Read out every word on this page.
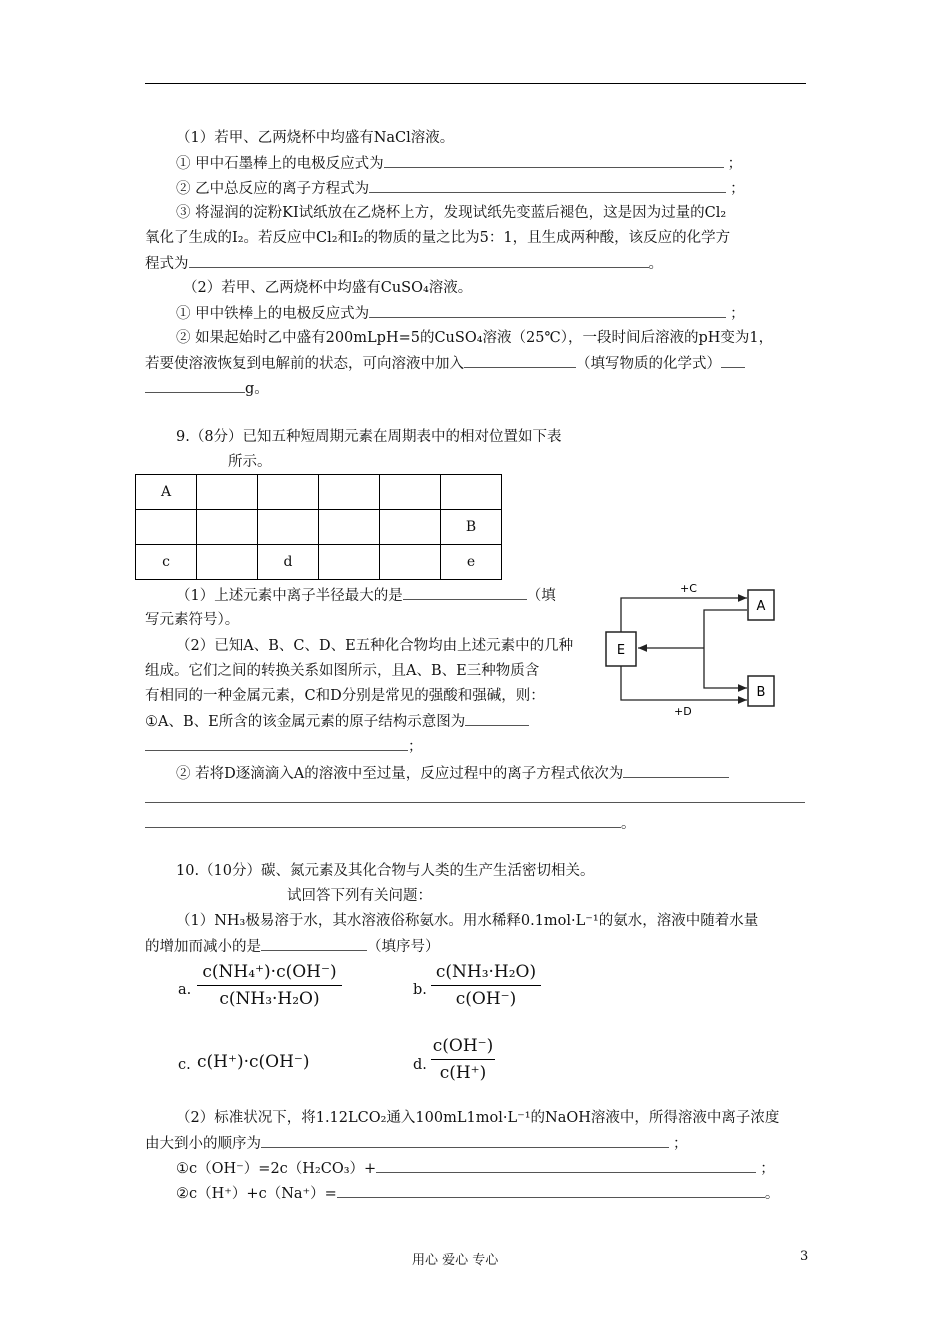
（1）若甲、乙两烧杯中均盛有NaCl溶液。
① 甲中石墨棒上的电极反应式为	；
② 乙中总反应的离子方程式为	；
③ 将湿润的淀粉KI试纸放在乙烧杯上方，发现试纸先变蓝后褪色，这是因为过量的Cl₂
氧化了生成的I₂。若反应中Cl₂和I₂的物质的量之比为5：1，且生成两种酸，该反应的化学方
程式为	。
（2）若甲、乙两烧杯中均盛有CuSO₄溶液。
① 甲中铁棒上的电极反应式为	；
② 如果起始时乙中盛有200mLpH=5的CuSO₄溶液（25℃），一段时间后溶液的pH变为1，
若要使溶液恢复到电解前的状态，可向溶液中加入	（填写物质的化学式）
g。
9.（8分）已知五种短周期元素在周期表中的相对位置如下表
所示。
A					
					B
c		d			e
（1）上述元素中离子半径最大的是	（填
写元素符号）。
（2）已知A、B、C、D、E五种化合物均由上述元素中的几种
组成。它们之间的转换关系如图所示，且A、B、E三种物质含
有相同的一种金属元素，C和D分别是常见的强酸和强碱，则：
①A、B、E所含的该金属元素的原子结构示意图为
；
② 若将D逐滴滴入A的溶液中至过量，反应过程中的离子方程式依次为
。
E
A
B
+C
+D
10.（10分）碳、氮元素及其化合物与人类的生产生活密切相关。
试回答下列有关问题：
（1）NH₃极易溶于水，其水溶液俗称氨水。用水稀释0.1mol·L⁻¹的氨水，溶液中随着水量
的增加而减小的是	（填序号）
a.
c(NH₄⁺)·c(OH⁻)
c(NH₃·H₂O)	b.
c(NH₃·H₂O)
c(OH⁻)
c. c(H⁺)·c(OH⁻)	d.
c(OH⁻)
c(H⁺)
（2）标准状况下，将1.12LCO₂通入100mL1mol·L⁻¹的NaOH溶液中，所得溶液中离子浓度
由大到小的顺序为	；
①c（OH⁻）=2c（H₂CO₃）+	；
②c（H⁺）+c（Na⁺）=	。
用心 爱心 专心	3
